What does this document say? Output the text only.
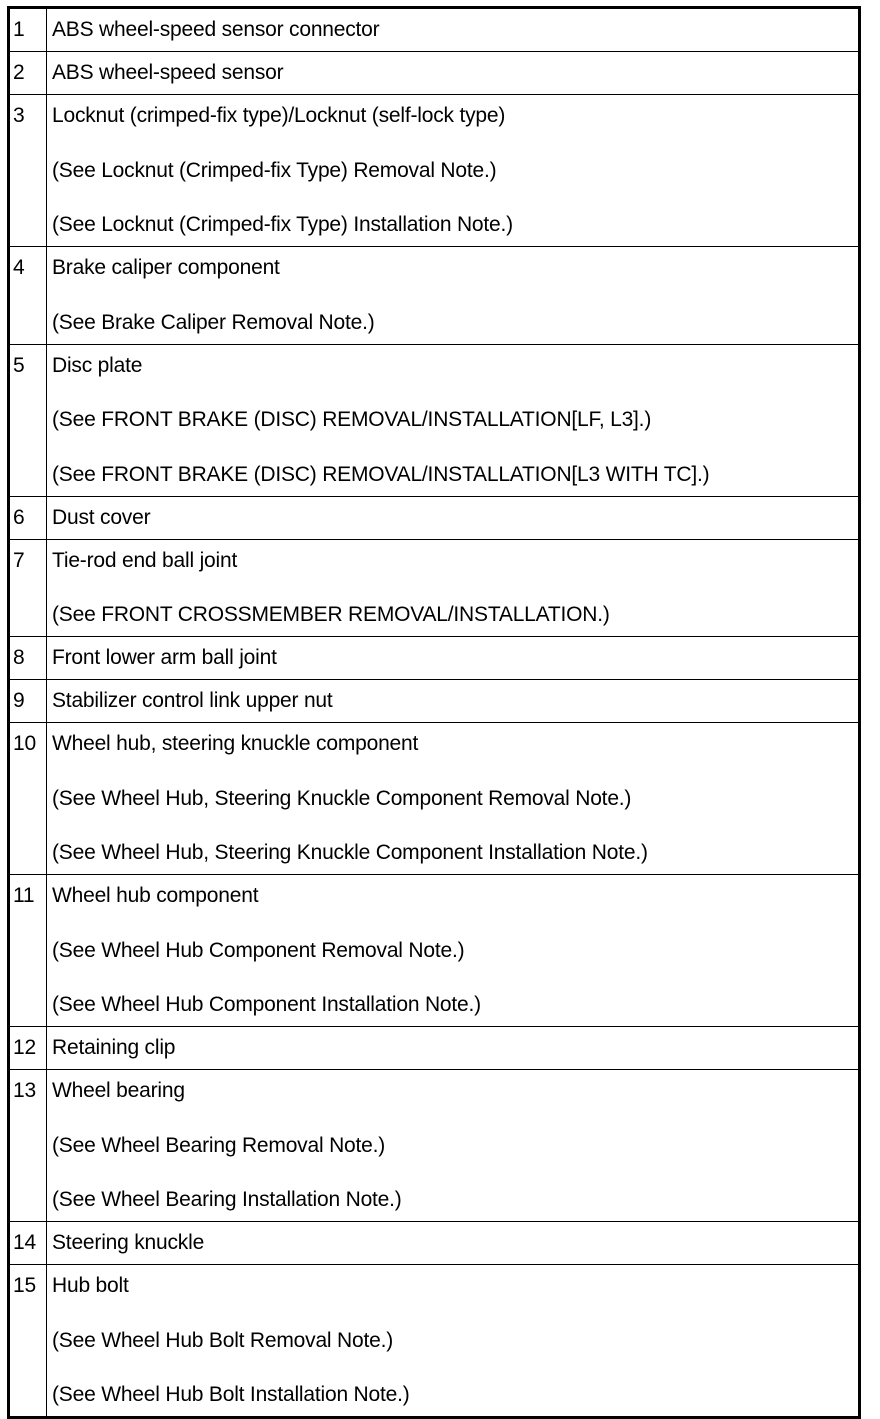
1	ABS wheel-speed sensor connector

2	ABS wheel-speed sensor

3	Locknut (crimped-fix type)/Locknut (self-lock type)
(See Locknut (Crimped-fix Type) Removal Note.)
(See Locknut (Crimped-fix Type) Installation Note.)

4	Brake caliper component
(See Brake Caliper Removal Note.)

5	Disc plate
(See FRONT BRAKE (DISC) REMOVAL/INSTALLATION[LF, L3].)
(See FRONT BRAKE (DISC) REMOVAL/INSTALLATION[L3 WITH TC].)

6	Dust cover

7	Tie-rod end ball joint
(See FRONT CROSSMEMBER REMOVAL/INSTALLATION.)

8	Front lower arm ball joint

9	Stabilizer control link upper nut

10	Wheel hub, steering knuckle component
(See Wheel Hub, Steering Knuckle Component Removal Note.)
(See Wheel Hub, Steering Knuckle Component Installation Note.)

11	Wheel hub component
(See Wheel Hub Component Removal Note.)
(See Wheel Hub Component Installation Note.)

12	Retaining clip

13	Wheel bearing
(See Wheel Bearing Removal Note.)
(See Wheel Bearing Installation Note.)

14	Steering knuckle

15	Hub bolt
(See Wheel Hub Bolt Removal Note.)
(See Wheel Hub Bolt Installation Note.)
